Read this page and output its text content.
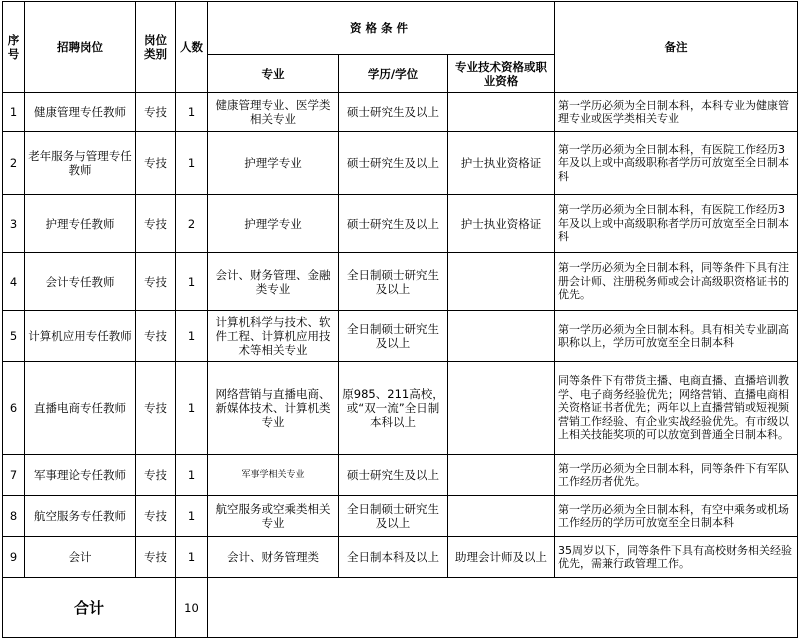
序号	招聘岗位	岗位类别	人数	资格条件			备注
				专业	学历/学位	专业技术资格或职业资格	
1	健康管理专任教师	专技	1	健康管理专业、医学类相关专业	硕士研究生及以上		第一学历必须为全日制本科，本科专业为健康管理专业或医学类相关专业
2	老年服务与管理专任教师	专技	1	护理学专业	硕士研究生及以上	护士执业资格证	第一学历必须为全日制本科，有医院工作经历3年及以上或中高级职称者学历可放宽至全日制本科
3	护理专任教师	专技	2	护理学专业	硕士研究生及以上	护士执业资格证	第一学历必须为全日制本科，有医院工作经历3年及以上或中高级职称者学历可放宽至全日制本科
4	会计专任教师	专技	1	会计、财务管理、金融类专业	全日制硕士研究生及以上		第一学历必须为全日制本科，同等条件下具有注册会计师、注册税务师或会计高级职资格证书的优先。
5	计算机应用专任教师	专技	1	计算机科学与技术、软件工程、计算机应用技术等相关专业	全日制硕士研究生及以上		第一学历必须为全日制本科。具有相关专业副高职称以上，学历可放宽至全日制本科
6	直播电商专任教师	专技	1	网络营销与直播电商、新媒体技术、计算机类专业	原985、211高校，或“双一流”全日制本科以上		同等条件下有带货主播、电商直播、直播培训教学、电子商务经验优先；网络营销、直播电商相关资格证书者优先；两年以上直播营销或短视频营销工作经验、有企业实战经验优先。有市级以上相关技能奖项的可以放宽到普通全日制本科。
7	军事理论专任教师	专技	1	军事学相关专业	硕士研究生及以上		第一学历必须为全日制本科，同等条件下有军队工作经历者优先。
8	航空服务专任教师	专技	1	航空服务或空乘类相关专业	全日制硕士研究生及以上		第一学历必须为全日制本科，有空中乘务或机场工作经历的学历可放宽至全日制本科
9	会计	专技	1	会计、财务管理类	全日制本科及以上	助理会计师及以上	35周岁以下，同等条件下具有高校财务相关经验优先，需兼行政管理工作。
合计			10				
